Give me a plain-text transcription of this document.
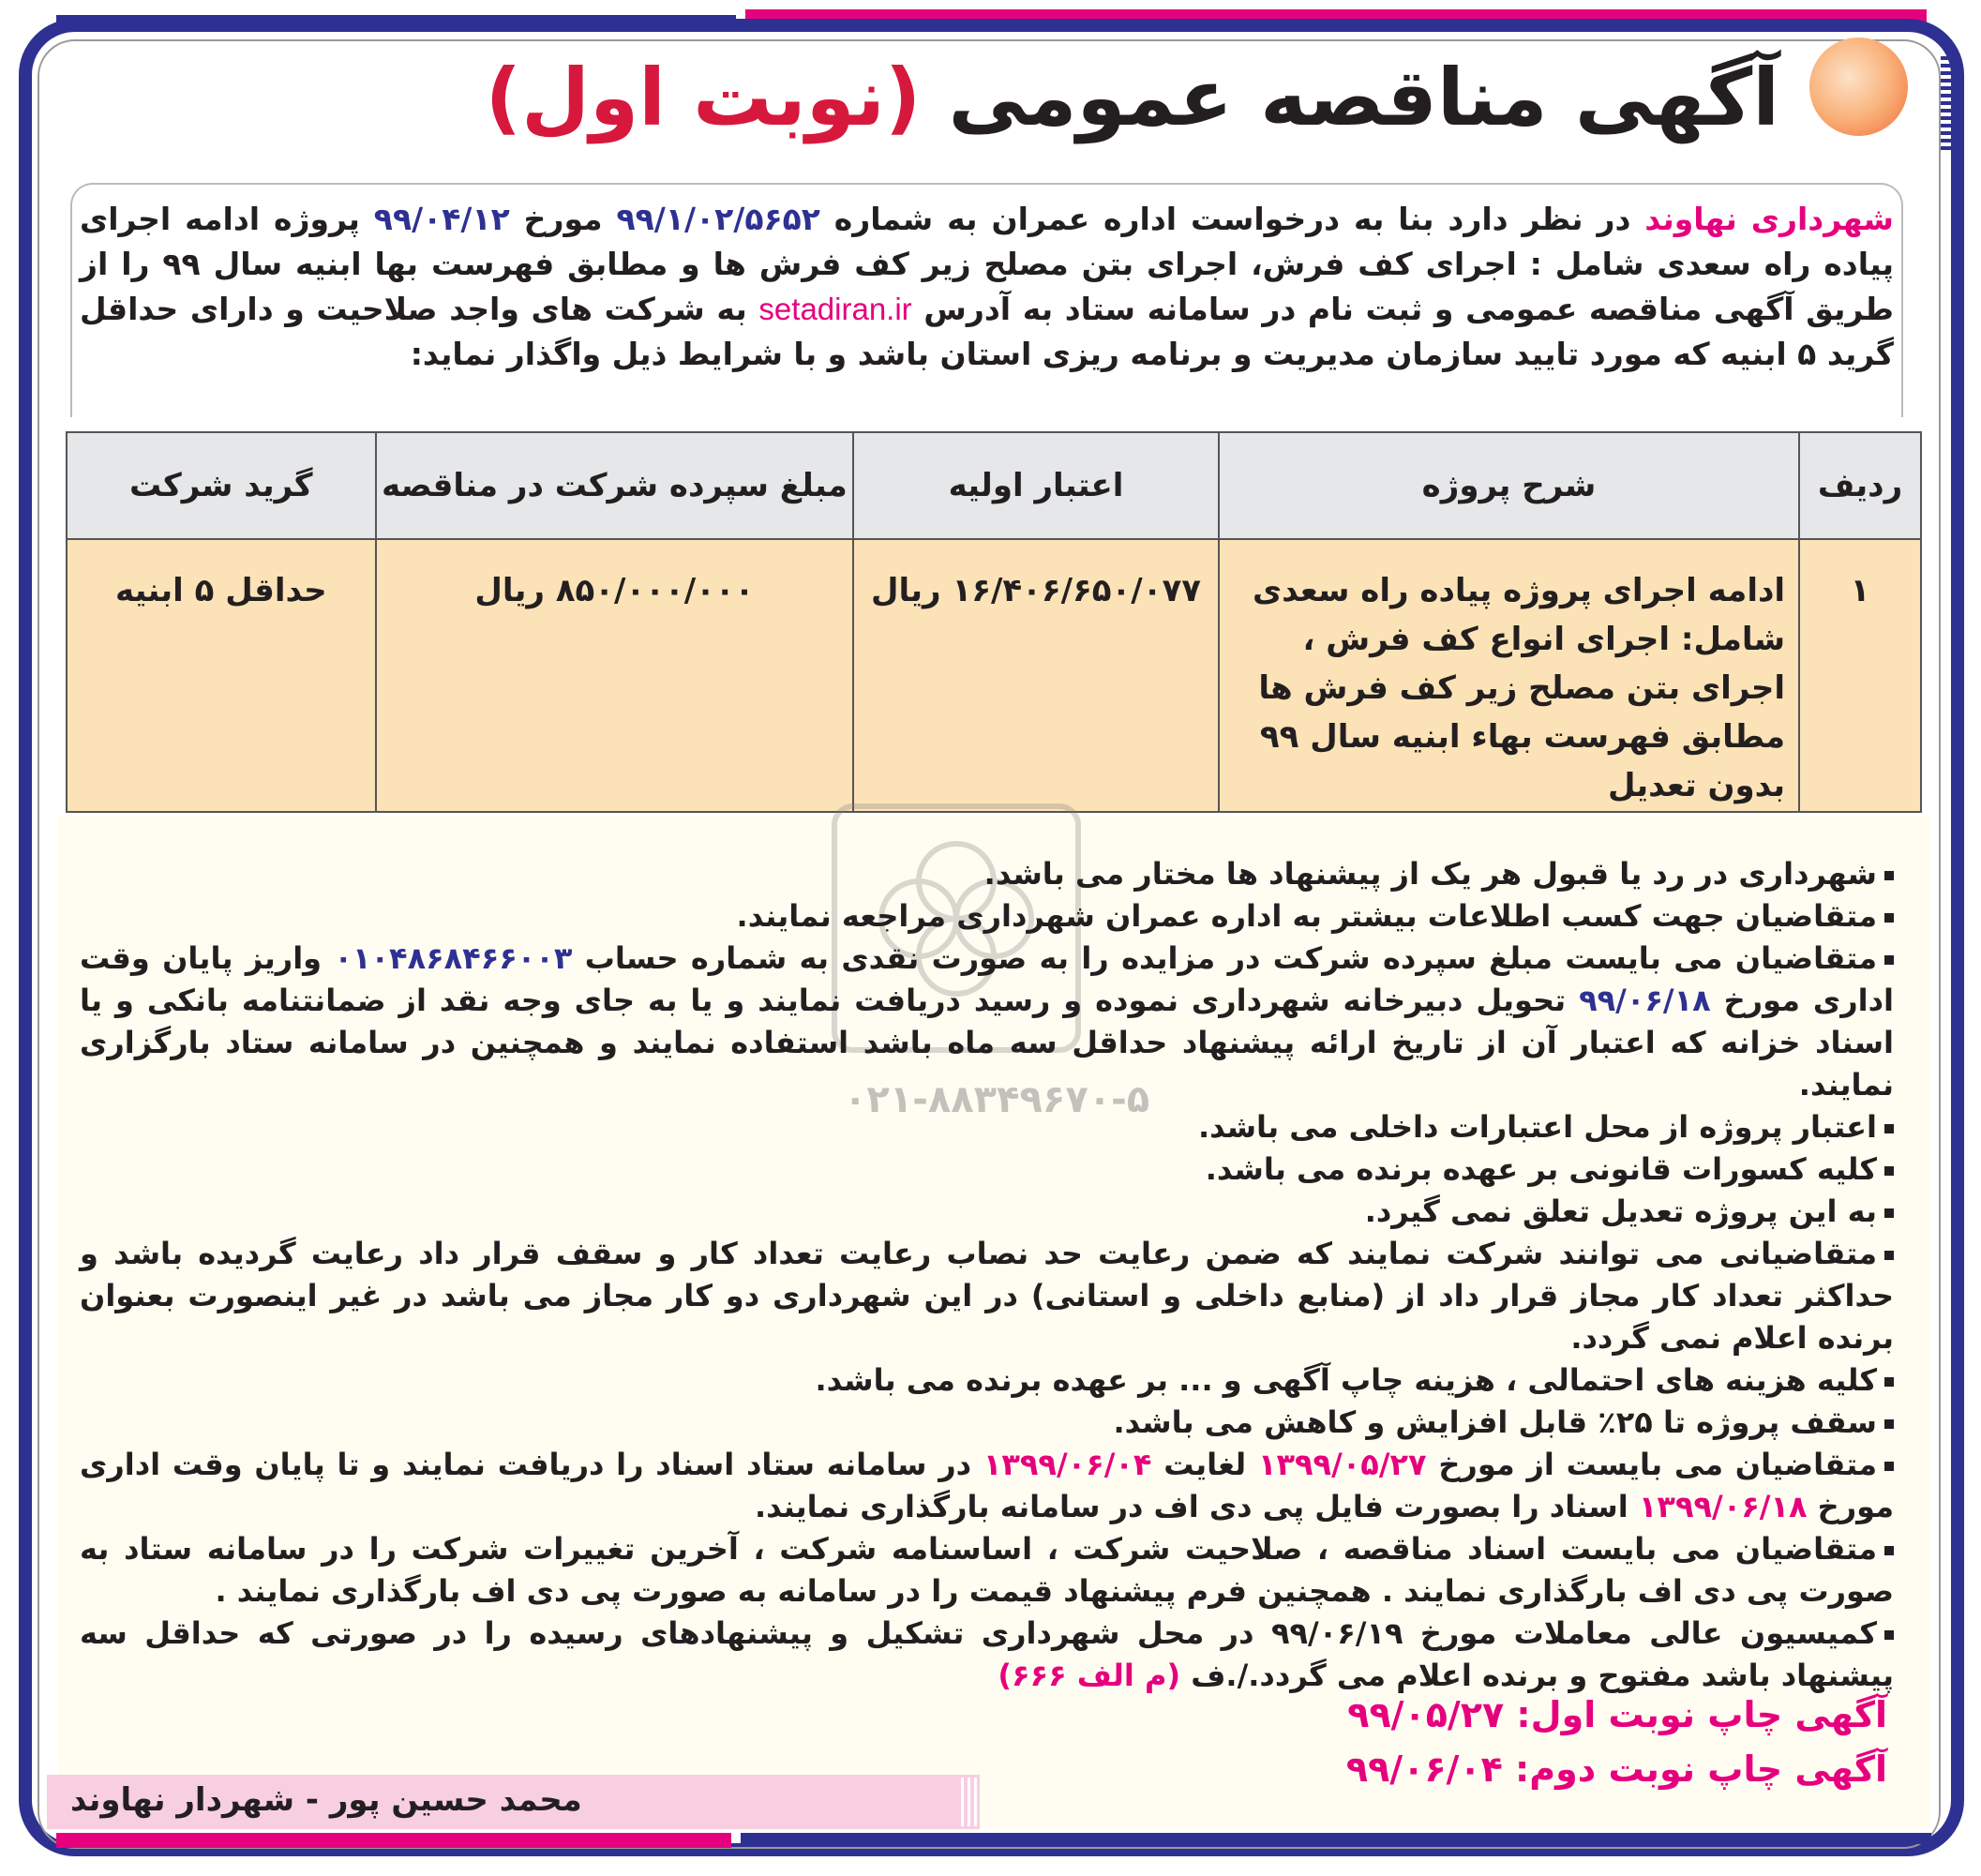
آگهی مناقصه عمومی (نوبت اول)
شهرداری نهاوند در نظر دارد بنا به درخواست اداره عمران به شماره ۹۹/۱/۰۲/۵۶۵۲ مورخ ۹۹/۰۴/۱۲ پروژه ادامه اجرای پیاده راه سعدی شامل : اجرای کف فرش، اجرای بتن مصلح زیر کف فرش ها و مطابق فهرست بها ابنیه سال ۹۹ را از طریق آگهی مناقصه عمومی و ثبت نام در سامانه ستاد به آدرس setadiran.ir به شرکت های واجد صلاحیت و دارای حداقل گرید ۵ ابنیه که مورد تایید سازمان مدیریت و برنامه ریزی استان باشد و با شرایط ذیل واگذار نماید:
ردیف	شرح پروژه	اعتبار اولیه	مبلغ سپرده شرکت در مناقصه	گرید شرکت
۱	ادامه اجرای پروژه پیاده راه سعدی شامل: اجرای انواع کف فرش ، اجرای بتن مصلح زیر کف فرش ها مطابق فهرست بهاء ابنیه سال ۹۹ بدون تعدیل	۱۶/۴۰۶/۶۵۰/۰۷۷ ریال	۸۵۰/۰۰۰/۰۰۰ ریال	حداقل ۵ ابنیه
۰۲۱-۸۸۳۴۹۶۷۰-۵
شهرداری در رد یا قبول هر یک از پیشنهاد ها مختار می باشد.
متقاضیان جهت کسب اطلاعات بیشتر به اداره عمران شهرداری مراجعه نمایند.
متقاضیان می بایست مبلغ سپرده شرکت در مزایده را به صورت نقدی به شماره حساب ۰۱۰۴۸۶۸۴۶۶۰۰۳ واریز پایان وقت اداری مورخ ۹۹/۰۶/۱۸ تحویل دبیرخانه شهرداری نموده و رسید دریافت نمایند و یا به جای وجه نقد از ضمانتنامه بانکی و یا اسناد خزانه که اعتبار آن از تاریخ ارائه پیشنهاد حداقل سه ماه باشد استفاده نمایند و همچنین در سامانه ستاد بارگزاری نمایند.
اعتبار پروژه از محل اعتبارات داخلی می باشد.
کلیه کسورات قانونی بر عهده برنده می باشد.
به این پروژه تعدیل تعلق نمی گیرد.
متقاضیانی می توانند شرکت نمایند که ضمن رعایت حد نصاب رعایت تعداد کار و سقف قرار داد رعایت گردیده باشد و حداکثر تعداد کار مجاز قرار داد از (منابع داخلی و استانی) در این شهرداری دو کار مجاز می باشد در غیر اینصورت بعنوان برنده اعلام نمی گردد.
کلیه هزینه های احتمالی ، هزینه چاپ آگهی و ... بر عهده برنده می باشد.
سقف پروژه تا ۲۵٪ قابل افزایش و کاهش می باشد.
متقاضیان می بایست از مورخ ۱۳۹۹/۰۵/۲۷ لغایت ۱۳۹۹/۰۶/۰۴ در سامانه ستاد اسناد را دریافت نمایند و تا پایان وقت اداری مورخ ۱۳۹۹/۰۶/۱۸ اسناد را بصورت فایل پی دی اف در سامانه بارگذاری نمایند.
متقاضیان می بایست اسناد مناقصه ، صلاحیت شرکت ، اساسنامه شرکت ، آخرین تغییرات شرکت را در سامانه ستاد به صورت پی دی اف بارگذاری نمایند . همچنین فرم پیشنهاد قیمت را در سامانه به صورت پی دی اف بارگذاری نمایند .
کمیسیون عالی معاملات مورخ ۹۹/۰۶/۱۹ در محل شهرداری تشکیل و پیشنهادهای رسیده را در صورتی که حداقل سه پیشنهاد باشد مفتوح و برنده اعلام می گردد./.ف (م الف ۶۶۶)
آگهی چاپ نوبت اول: ۹۹/۰۵/۲۷
آگهی چاپ نوبت دوم: ۹۹/۰۶/۰۴
محمد حسین پور - شهردار نهاوند
